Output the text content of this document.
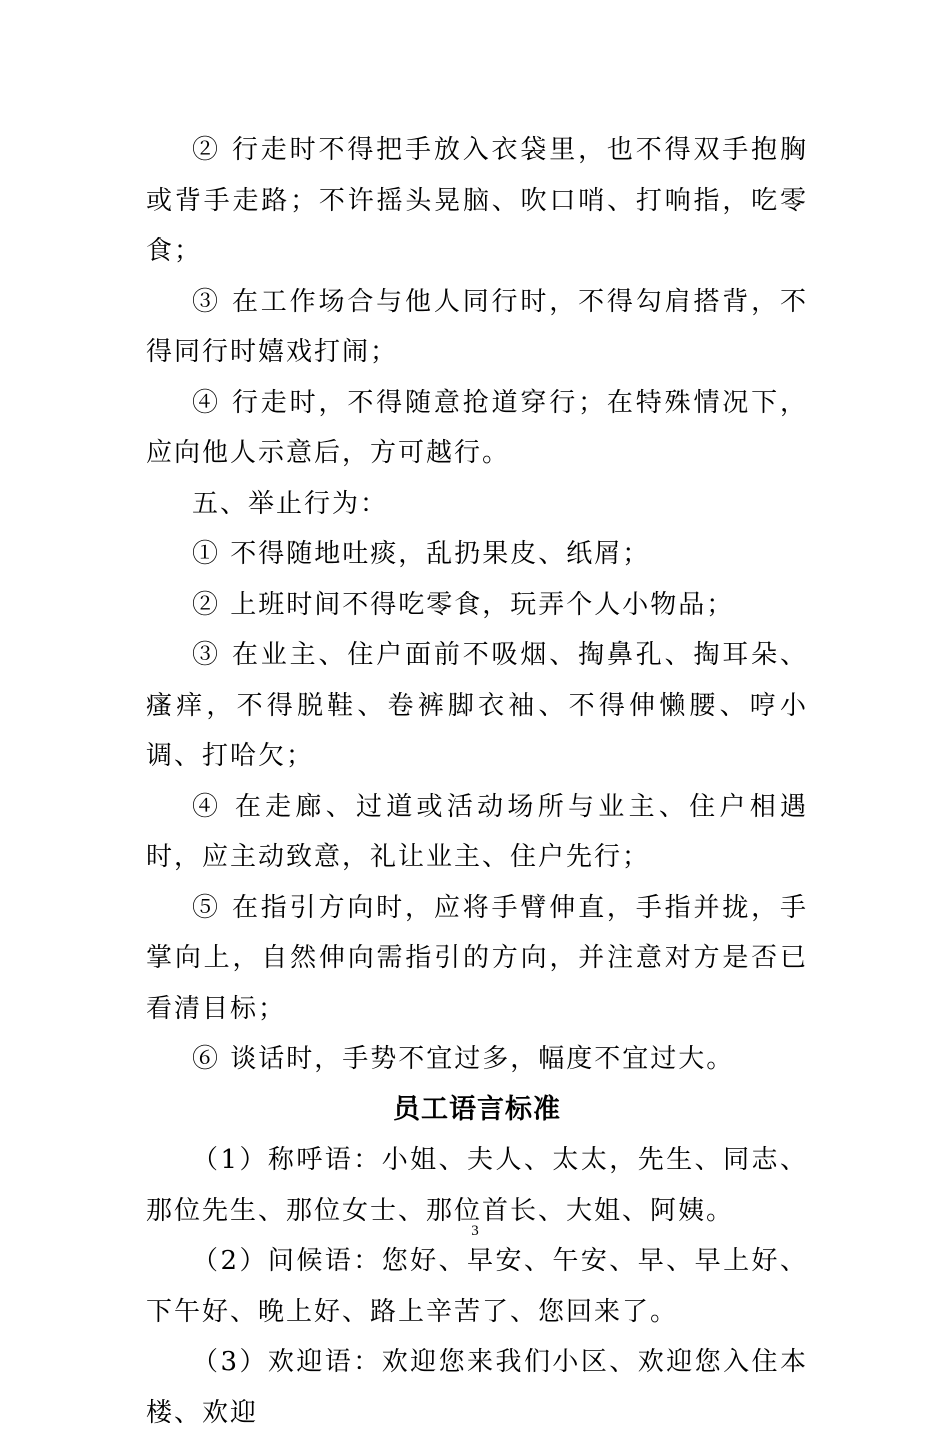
② 行走时不得把手放入衣袋里，也不得双手抱胸或背手走路；不许摇头晃脑、吹口哨、打响指，吃零食；

③ 在工作场合与他人同行时，不得勾肩搭背，不得同行时嬉戏打闹；

④ 行走时，不得随意抢道穿行；在特殊情况下，应向他人示意后，方可越行。

五、举止行为：

① 不得随地吐痰，乱扔果皮、纸屑；

② 上班时间不得吃零食，玩弄个人小物品；

③ 在业主、住户面前不吸烟、掏鼻孔、掏耳朵、瘙痒，不得脱鞋、卷裤脚衣袖、不得伸懒腰、哼小调、打哈欠；

④ 在走廊、过道或活动场所与业主、住户相遇时，应主动致意，礼让业主、住户先行；

⑤ 在指引方向时，应将手臂伸直，手指并拢，手掌向上，自然伸向需指引的方向，并注意对方是否已看清目标；

⑥ 谈话时，手势不宜过多，幅度不宜过大。

员工语言标准

（1）称呼语：小姐、夫人、太太，先生、同志、那位先生、那位女士、那位首长、大姐、阿姨。

（2）问候语：您好、早安、午安、早、早上好、下午好、晚上好、路上辛苦了、您回来了。

（3）欢迎语：欢迎您来我们小区、欢迎您入住本楼、欢迎

3
